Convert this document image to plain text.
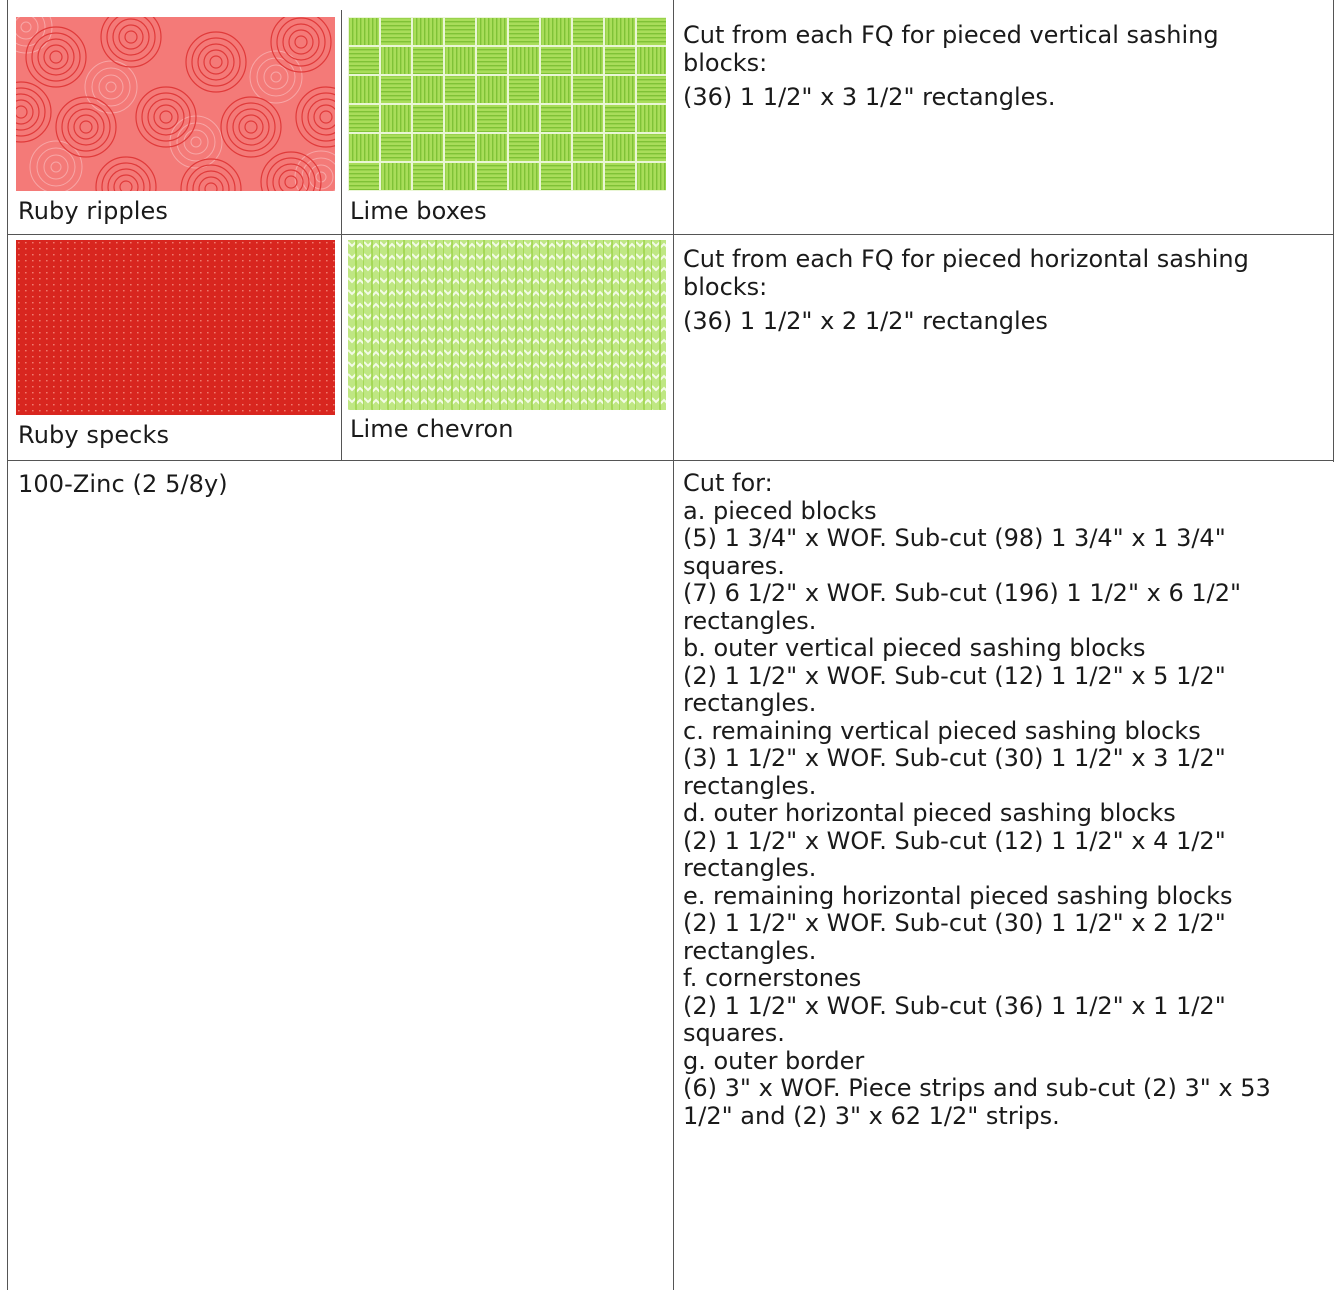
Ruby ripples	Lime boxes
Cut from each FQ for pieced vertical sashing
blocks:
(36) 1 1/2" x 3 1/2" rectangles.
Ruby specks	Lime chevron
Cut from each FQ for pieced horizontal sashing
blocks:
(36) 1 1/2" x 2 1/2" rectangles
100-Zinc (2 5/8y)	Cut for:
a. pieced blocks
(5) 1 3/4" x WOF. Sub-cut (98) 1 3/4" x 1 3/4"
squares.
(7) 6 1/2" x WOF. Sub-cut (196) 1 1/2" x 6 1/2"
rectangles.
b. outer vertical pieced sashing blocks
(2) 1 1/2" x WOF. Sub-cut (12) 1 1/2" x 5 1/2"
rectangles.
c. remaining vertical pieced sashing blocks
(3) 1 1/2" x WOF. Sub-cut (30) 1 1/2" x 3 1/2"
rectangles.
d. outer horizontal pieced sashing blocks
(2) 1 1/2" x WOF. Sub-cut (12) 1 1/2" x 4 1/2"
rectangles.
e. remaining horizontal pieced sashing blocks
(2) 1 1/2" x WOF. Sub-cut (30) 1 1/2" x 2 1/2"
rectangles.
f. cornerstones
(2) 1 1/2" x WOF. Sub-cut (36) 1 1/2" x 1 1/2"
squares.
g. outer border
(6) 3" x WOF. Piece strips and sub-cut (2) 3" x 53
1/2" and (2) 3" x 62 1/2" strips.
